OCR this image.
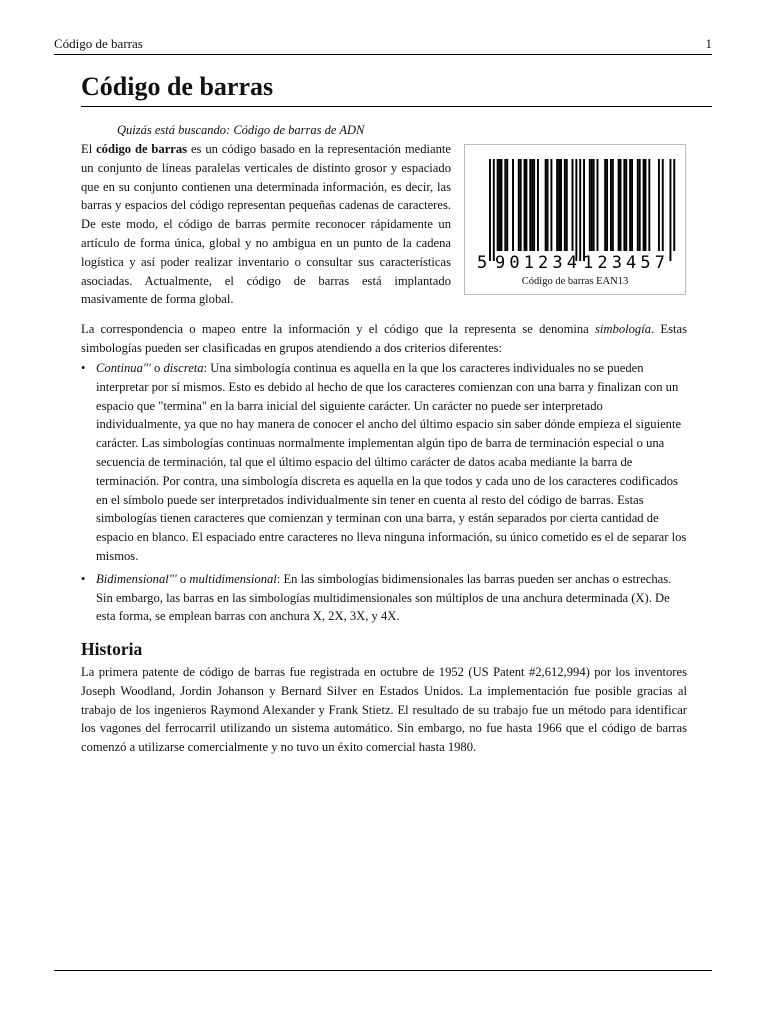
Código de barras	1
Código de barras
Quizás está buscando: Código de barras de ADN

El código de barras es un código basado en la representación mediante un conjunto de líneas paralelas verticales de distinto grosor y espaciado que en su conjunto contienen una determinada información, es decir, las barras y espacios del código representan pequeñas cadenas de caracteres. De este modo, el código de barras permite reconocer rápidamente un artículo de forma única, global y no ambigua en un punto de la cadena logística y así poder realizar inventario o consultar sus características asociadas. Actualmente, el código de barras está implantado masivamente de forma global.

5 901234 123457
Código de barras EAN13

La correspondencia o mapeo entre la información y el código que la representa se denomina simbología. Estas simbologías pueden ser clasificadas en grupos atendiendo a dos criterios diferentes:

• Continua"' o discreta: Una simbología continua es aquella en la que los caracteres individuales no se pueden interpretar por sí mismos. Esto es debido al hecho de que los caracteres comienzan con una barra y finalizan con un espacio que "termina" en la barra inicial del siguiente carácter. Un carácter no puede ser interpretado individualmente, ya que no hay manera de conocer el ancho del último espacio sin saber dónde empieza el siguiente carácter. Las simbologías continuas normalmente implementan algún tipo de barra de terminación especial o una secuencia de terminación, tal que el último espacio del último carácter de datos acaba mediante la barra de terminación. Por contra, una simbología discreta es aquella en la que todos y cada uno de los caracteres codificados en el símbolo puede ser interpretados individualmente sin tener en cuenta al resto del código de barras. Estas simbologías tienen caracteres que comienzan y terminan con una barra, y están separados por cierta cantidad de espacio en blanco. El espaciado entre caracteres no lleva ninguna información, su único cometido es el de separar los mismos.
• Bidimensional"' o multidimensional: En las simbologías bidimensionales las barras pueden ser anchas o estrechas. Sin embargo, las barras en las simbologías multidimensionales son múltiplos de una anchura determinada (X). De esta forma, se emplean barras con anchura X, 2X, 3X, y 4X.
Historia

La primera patente de código de barras fue registrada en octubre de 1952 (US Patent #2,612,994) por los inventores Joseph Woodland, Jordin Johanson y Bernard Silver en Estados Unidos. La implementación fue posible gracias al trabajo de los ingenieros Raymond Alexander y Frank Stietz. El resultado de su trabajo fue un método para identificar los vagones del ferrocarril utilizando un sistema automático. Sin embargo, no fue hasta 1966 que el código de barras comenzó a utilizarse comercialmente y no tuvo un éxito comercial hasta 1980.
